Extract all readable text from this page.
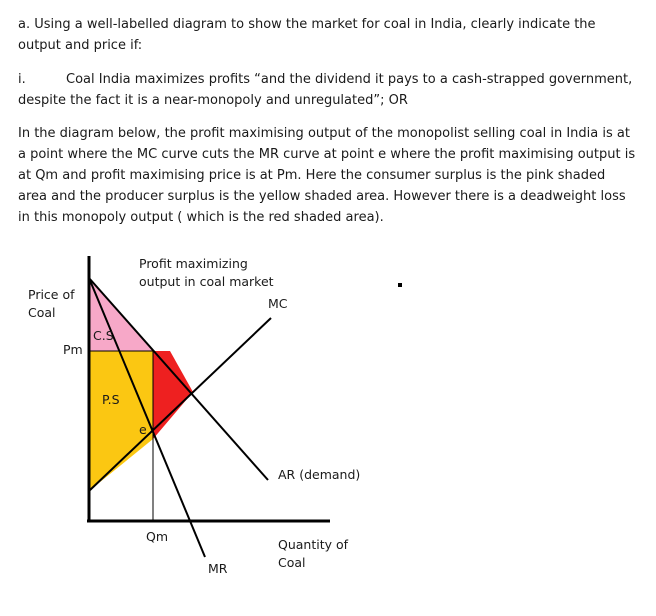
a. Using a well-labelled diagram to show the market for coal in India, clearly indicate the output and price if:

i.	Coal India maximizes profits “and the dividend it pays to a cash-strapped government, despite the fact it is a near-monopoly and unregulated”; OR

In the diagram below, the profit maximising output of the monopolist selling coal in India is at a point where the MC curve cuts the MR curve at point e where the profit maximising output is at Qm and profit maximising price is at Pm. Here the consumer surplus is the pink shaded area and the producer surplus is the yellow shaded area. However there is a deadweight loss in this monopoly output ( which is the red shaded area).

Profit maximizing
output in coal market
Price of
Coal
MC
C.S
Pm
P.S
e
AR (demand)
Qm
Quantity of
Coal
MR
